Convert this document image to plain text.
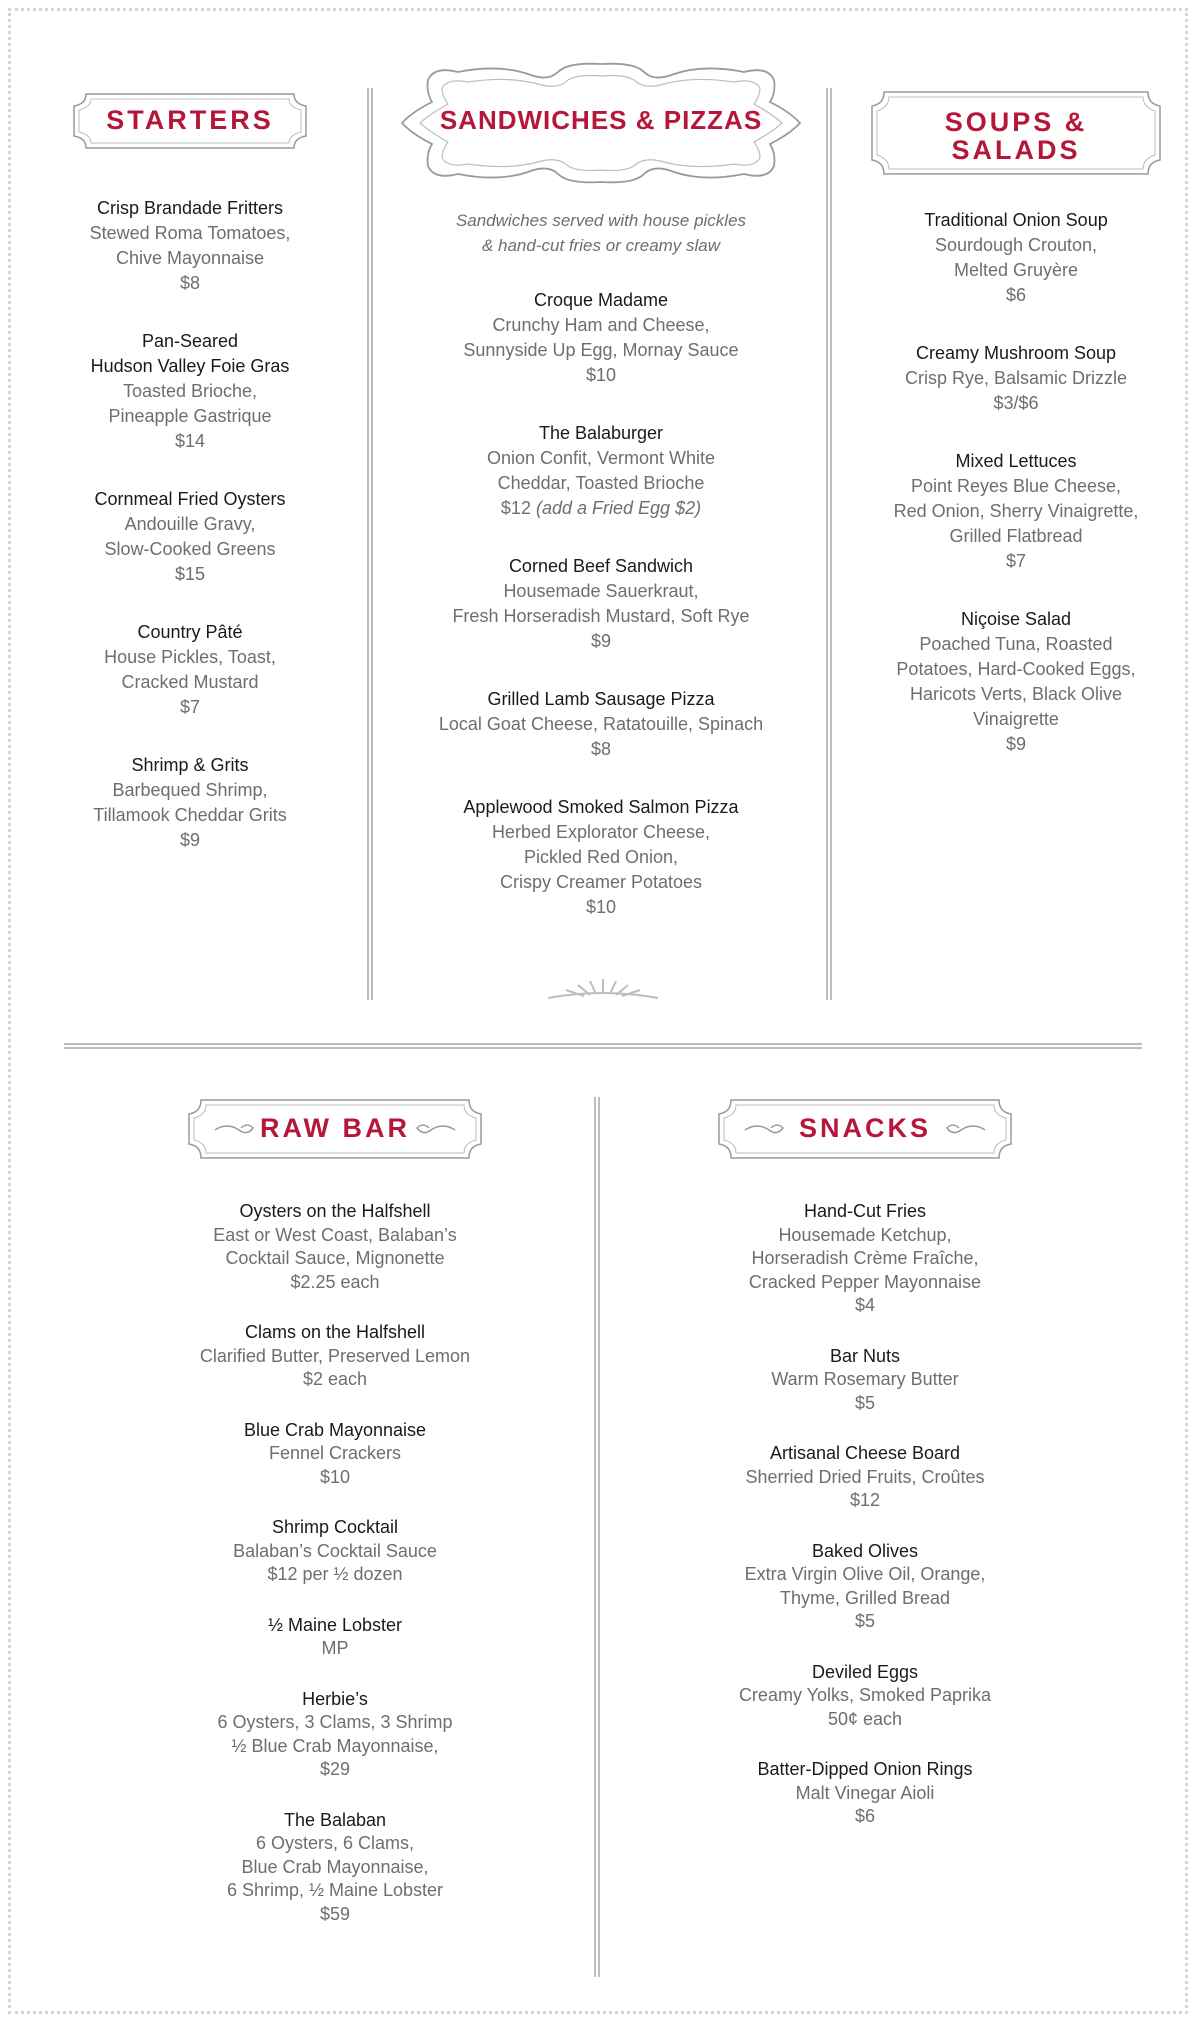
STARTERS
Crisp Brandade Fritters
Stewed Roma Tomatoes,
Chive Mayonnaise
$8
Pan-Seared
Hudson Valley Foie Gras
Toasted Brioche,
Pineapple Gastrique
$14
Cornmeal Fried Oysters
Andouille Gravy,
Slow-Cooked Greens
$15
Country Pâté
House Pickles, Toast,
Cracked Mustard
$7
Shrimp & Grits
Barbequed Shrimp,
Tillamook Cheddar Grits
$9
SANDWICHES & PIZZAS
Sandwiches served with house pickles
& hand-cut fries or creamy slaw
Croque Madame
Crunchy Ham and Cheese,
Sunnyside Up Egg, Mornay Sauce
$10
The Balaburger
Onion Confit, Vermont White
Cheddar, Toasted Brioche
$12 (add a Fried Egg $2)
Corned Beef Sandwich
Housemade Sauerkraut,
Fresh Horseradish Mustard, Soft Rye
$9
Grilled Lamb Sausage Pizza
Local Goat Cheese, Ratatouille, Spinach
$8
Applewood Smoked Salmon Pizza
Herbed Explorator Cheese,
Pickled Red Onion,
Crispy Creamer Potatoes
$10
SOUPS &
SALADS
Traditional Onion Soup
Sourdough Crouton,
Melted Gruyère
$6
Creamy Mushroom Soup
Crisp Rye, Balsamic Drizzle
$3/$6
Mixed Lettuces
Point Reyes Blue Cheese,
Red Onion, Sherry Vinaigrette,
Grilled Flatbread
$7
Niçoise Salad
Poached Tuna, Roasted
Potatoes, Hard-Cooked Eggs,
Haricots Verts, Black Olive
Vinaigrette
$9
RAW BAR
Oysters on the Halfshell
East or West Coast, Balaban’s
Cocktail Sauce, Mignonette
$2.25 each
Clams on the Halfshell
Clarified Butter, Preserved Lemon
$2 each
Blue Crab Mayonnaise
Fennel Crackers
$10
Shrimp Cocktail
Balaban’s Cocktail Sauce
$12 per ½ dozen
½ Maine Lobster
MP
Herbie’s
6 Oysters, 3 Clams, 3 Shrimp
½ Blue Crab Mayonnaise,
$29
The Balaban
6 Oysters, 6 Clams,
Blue Crab Mayonnaise,
6 Shrimp, ½ Maine Lobster
$59
SNACKS
Hand-Cut Fries
Housemade Ketchup,
Horseradish Crème Fraîche,
Cracked Pepper Mayonnaise
$4
Bar Nuts
Warm Rosemary Butter
$5
Artisanal Cheese Board
Sherried Dried Fruits, Croûtes
$12
Baked Olives
Extra Virgin Olive Oil, Orange,
Thyme, Grilled Bread
$5
Deviled Eggs
Creamy Yolks, Smoked Paprika
50¢ each
Batter-Dipped Onion Rings
Malt Vinegar Aioli
$6
